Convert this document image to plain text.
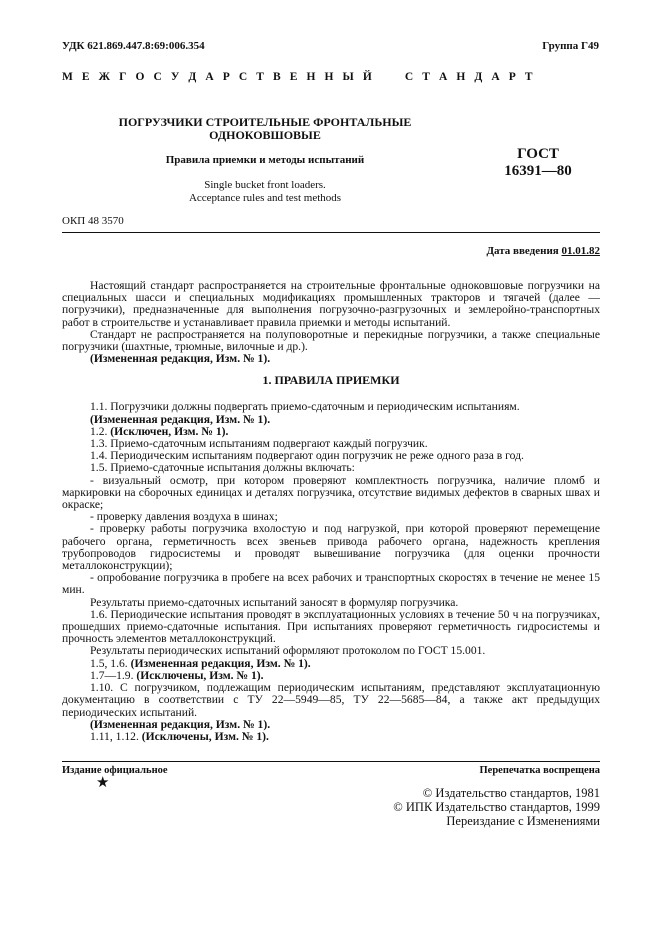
УДК 621.869.447.8:69:006.354	Группа Г49
М Е Ж Г О С У Д А Р С Т В Е Н Н Ы Й     С Т А Н Д А Р Т
ПОГРУЗЧИКИ СТРОИТЕЛЬНЫЕ ФРОНТАЛЬНЫЕ
ОДНОКОВШОВЫЕ
Правила приемки и методы испытаний
Single bucket front loaders.
Acceptance rules and test methods
ГОСТ
16391—80
ОКП 48 3570
Дата введения 01.01.82

Настоящий стандарт распространяется на строительные фронтальные одноковшовые погрузчики на специальных шасси и специальных модификациях промышленных тракторов и тягачей (далее — погрузчики), предназначенные для выполнения погрузочно-разгрузочных и землеройно-транспортных работ в строительстве и устанавливает правила приемки и методы испытаний.

Стандарт не распространяется на полуповоротные и перекидные погрузчики, а также специальные погрузчики (шахтные, трюмные, вилочные и др.).

(Измененная редакция, Изм. № 1).

1. ПРАВИЛА ПРИЕМКИ

1.1. Погрузчики должны подвергать приемо-сдаточным и периодическим испытаниям.

(Измененная редакция, Изм. № 1).

1.2. (Исключен, Изм. № 1).

1.3. Приемо-сдаточным испытаниям подвергают каждый погрузчик.

1.4. Периодическим испытаниям подвергают один погрузчик не реже одного раза в год.

1.5. Приемо-сдаточные испытания должны включать:

- визуальный осмотр, при котором проверяют комплектность погрузчика, наличие пломб и маркировки на сборочных единицах и деталях погрузчика, отсутствие видимых дефектов в сварных швах и окраске;

- проверку давления воздуха в шинах;

- проверку работы погрузчика вхолостую и под нагрузкой, при которой проверяют перемещение рабочего органа, герметичность всех звеньев привода рабочего органа, надежность крепления трубопроводов гидросистемы и проводят вывешивание погрузчика (для оценки прочности металлоконструкции);

- опробование погрузчика в пробеге на всех рабочих и транспортных скоростях в течение не менее 15 мин.

Результаты приемо-сдаточных испытаний заносят в формуляр погрузчика.

1.6. Периодические испытания проводят в эксплуатационных условиях в течение 50 ч на погрузчиках, прошедших приемо-сдаточные испытания. При испытаниях проверяют герметичность гидросистемы и прочность элементов металлоконструкций.

Результаты периодических испытаний оформляют протоколом по ГОСТ 15.001.

1.5, 1.6. (Измененная редакция, Изм. № 1).

1.7—1.9. (Исключены, Изм. № 1).

1.10. С погрузчиком, подлежащим периодическим испытаниям, представляют эксплуатационную документацию в соответствии с ТУ 22—5949—85, ТУ 22—5685—84, а также акт предыдущих периодических испытаний.

(Измененная редакция, Изм. № 1).

1.11, 1.12. (Исключены, Изм. № 1).

Издание официальное	Перепечатка воспрещена
★
© Издательство стандартов, 1981
© ИПК Издательство стандартов, 1999
Переиздание с Изменениями
